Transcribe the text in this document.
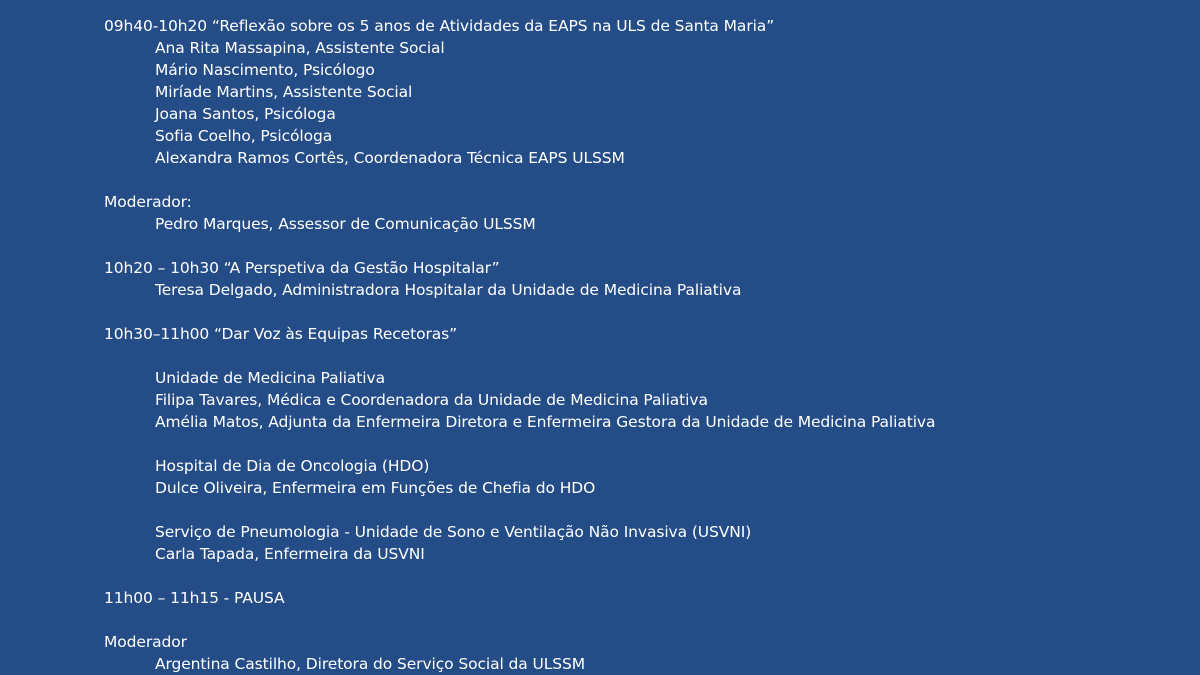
09h40-10h20 “Reflexão sobre os 5 anos de Atividades da EAPS na ULS de Santa Maria”
Ana Rita Massapina, Assistente Social
Mário Nascimento, Psicólogo
Miríade Martins, Assistente Social
Joana Santos, Psicóloga
Sofia Coelho, Psicóloga
Alexandra Ramos Cortês, Coordenadora Técnica EAPS ULSSM
Moderador:
Pedro Marques, Assessor de Comunicação ULSSM
10h20 – 10h30 “A Perspetiva da Gestão Hospitalar”
Teresa Delgado, Administradora Hospitalar da Unidade de Medicina Paliativa
10h30–11h00 “Dar Voz às Equipas Recetoras”
Unidade de Medicina Paliativa
Filipa Tavares, Médica e Coordenadora da Unidade de Medicina Paliativa
Amélia Matos, Adjunta da Enfermeira Diretora e Enfermeira Gestora da Unidade de Medicina Paliativa
Hospital de Dia de Oncologia (HDO)
Dulce Oliveira, Enfermeira em Funções de Chefia do HDO
Serviço de Pneumologia - Unidade de Sono e Ventilação Não Invasiva (USVNI)
Carla Tapada, Enfermeira da USVNI
11h00 – 11h15 - PAUSA
Moderador
Argentina Castilho, Diretora do Serviço Social da ULSSM
